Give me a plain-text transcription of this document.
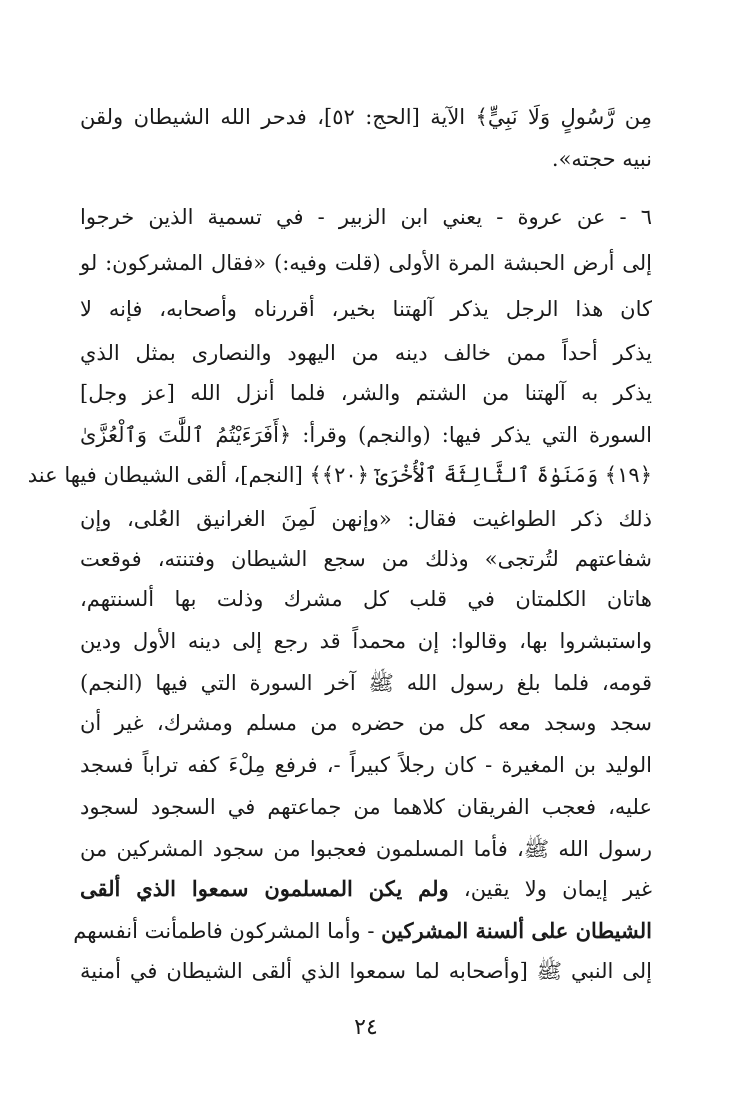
مِن رَّسُولٍ وَلَا نَبِيٍّ﴾ الآية [الحج: ٥٢]، فدحر الله الشيطان ولقن
نبيه حجته».
٦ - عن عروة - يعني ابن الزبير - في تسمية الذين خرجوا
إلى أرض الحبشة المرة الأولى (قلت وفيه:) «فقال المشركون: لو
كان هذا الرجل يذكر آلهتنا بخير، أقررناه وأصحابه، فإنه لا
يذكر أحداً ممن خالف دينه من اليهود والنصارى بمثل الذي
يذكر به آلهتنا من الشتم والشر، فلما أنزل الله [عز وجل]
السورة التي يذكر فيها: (والنجم) وقرأ: ﴿أَفَرَءَيْتُمُ ٱللَّٰتَ وَٱلْعُزَّىٰ
﴿١٩﴾ وَمَنَوٰةَ ٱلثَّالِثَةَ ٱلْأُخْرَىٰٓ ﴿٢٠﴾﴾ [النجم]، ألقى الشيطان فيها عند
ذلك ذكر الطواغيت فقال: «وإنهن لَمِنَ الغرانيق العُلى، وإن
شفاعتهم لتُرتجى» وذلك من سجع الشيطان وفتنته، فوقعت
هاتان الكلمتان في قلب كل مشرك وذلت بها ألسنتهم،
واستبشروا بها، وقالوا: إن محمداً قد رجع إلى دينه الأول ودين
قومه، فلما بلغ رسول الله ﷺ آخر السورة التي فيها (النجم)
سجد وسجد معه كل من حضره من مسلم ومشرك، غير أن
الوليد بن المغيرة - كان رجلاً كبيراً -، فرفع مِلْءَ كفه تراباً فسجد
عليه، فعجب الفريقان كلاهما من جماعتهم في السجود لسجود
رسول الله ﷺ، فأما المسلمون فعجبوا من سجود المشركين من
غير إيمان ولا يقين، ولم يكن المسلمون سمعوا الذي ألقى
الشيطان على ألسنة المشركين - وأما المشركون فاطمأنت أنفسهم
إلى النبي ﷺ [وأصحابه لما سمعوا الذي ألقى الشيطان في أمنية
٢٤
